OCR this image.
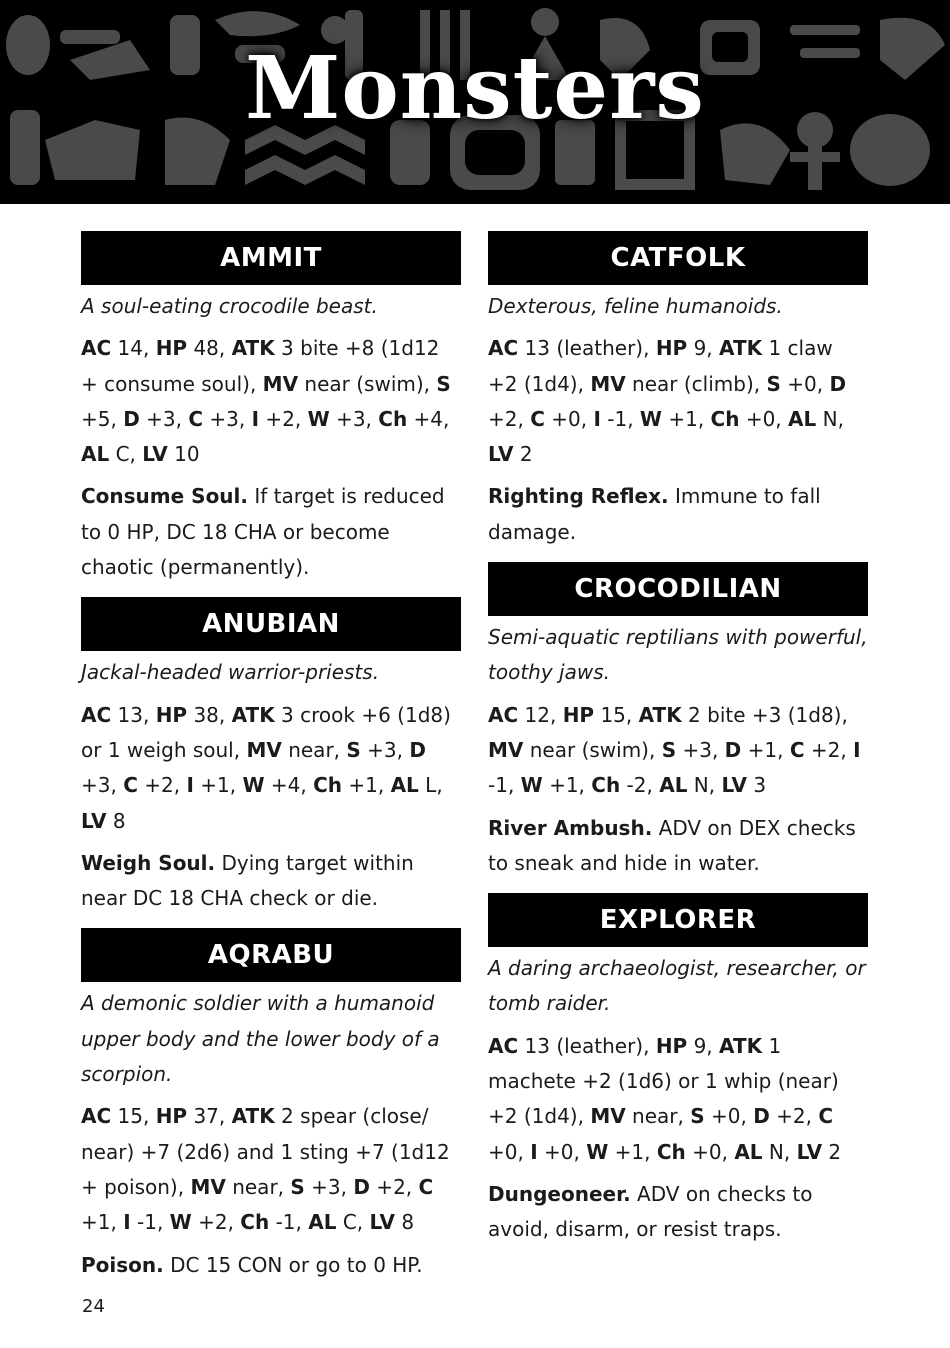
Monsters
AMMIT

A soul-eating crocodile beast.

AC 14, HP 48, ATK 3 bite +8 (1d12 + consume soul), MV near (swim), S +5, D +3, C +3, I +2, W +3, Ch +4, AL C, LV 10

Consume Soul. If target is reduced to 0 HP, DC 18 CHA or become chaotic (permanently).

ANUBIAN

Jackal-headed warrior-priests.

AC 13, HP 38, ATK 3 crook +6 (1d8) or 1 weigh soul, MV near, S +3, D +3, C +2, I +1, W +4, Ch +1, AL L, LV 8

Weigh Soul. Dying target within near DC 18 CHA check or die.

AQRABU

A demonic soldier with a humanoid upper body and the lower body of a scorpion.

AC 15, HP 37, ATK 2 spear (close/ near) +7 (2d6) and 1 sting +7 (1d12 + poison), MV near, S +3, D +2, C +1, I -1, W +2, Ch -1, AL C, LV 8

Poison. DC 15 CON or go to 0 HP.

CATFOLK

Dexterous, feline humanoids.

AC 13 (leather), HP 9, ATK 1 claw +2 (1d4), MV near (climb), S +0, D +2, C +0, I -1, W +1, Ch +0, AL N, LV 2

Righting Reflex. Immune to fall damage.

CROCODILIAN

Semi-aquatic reptilians with powerful, toothy jaws.

AC 12, HP 15, ATK 2 bite +3 (1d8), MV near (swim), S +3, D +1, C +2, I -1, W +1, Ch -2, AL N, LV 3

River Ambush. ADV on DEX checks to sneak and hide in water.

EXPLORER

A daring archaeologist, researcher, or tomb raider.

AC 13 (leather), HP 9, ATK 1 machete +2 (1d6) or 1 whip (near) +2 (1d4), MV near, S +0, D +2, C +0, I +0, W +1, Ch +0, AL N, LV 2

Dungeoneer. ADV on checks to avoid, disarm, or resist traps.

24
